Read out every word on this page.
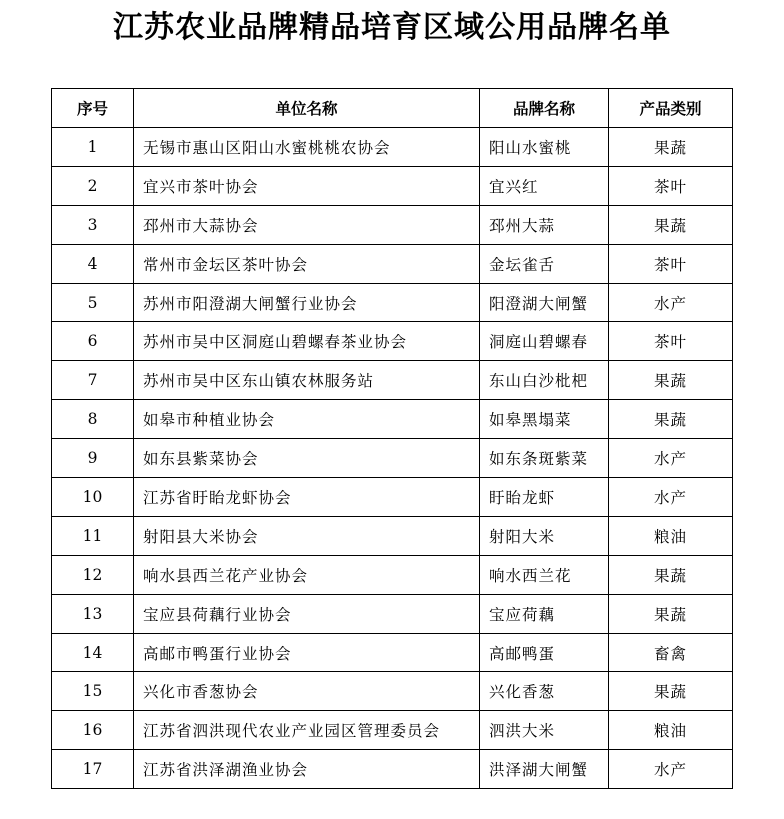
江苏农业品牌精品培育区域公用品牌名单
序号	单位名称	品牌名称	产品类别
1	无锡市惠山区阳山水蜜桃桃农协会	阳山水蜜桃	果蔬
2	宜兴市茶叶协会	宜兴红	茶叶
3	邳州市大蒜协会	邳州大蒜	果蔬
4	常州市金坛区茶叶协会	金坛雀舌	茶叶
5	苏州市阳澄湖大闸蟹行业协会	阳澄湖大闸蟹	水产
6	苏州市吴中区洞庭山碧螺春茶业协会	洞庭山碧螺春	茶叶
7	苏州市吴中区东山镇农林服务站	东山白沙枇杷	果蔬
8	如皋市种植业协会	如皋黑塌菜	果蔬
9	如东县紫菜协会	如东条斑紫菜	水产
10	江苏省盱眙龙虾协会	盱眙龙虾	水产
11	射阳县大米协会	射阳大米	粮油
12	响水县西兰花产业协会	响水西兰花	果蔬
13	宝应县荷藕行业协会	宝应荷藕	果蔬
14	高邮市鸭蛋行业协会	高邮鸭蛋	畜禽
15	兴化市香葱协会	兴化香葱	果蔬
16	江苏省泗洪现代农业产业园区管理委员会	泗洪大米	粮油
17	江苏省洪泽湖渔业协会	洪泽湖大闸蟹	水产
